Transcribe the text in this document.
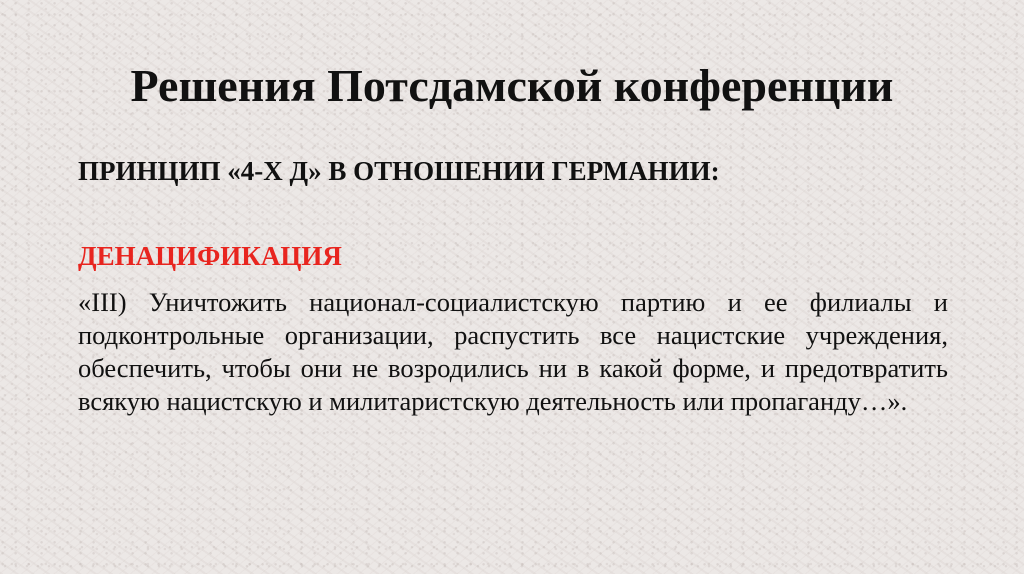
Решения Потсдамской конференции

ПРИНЦИП «4-Х Д» В ОТНОШЕНИИ ГЕРМАНИИ:

ДЕНАЦИФИКАЦИЯ

«III) Уничтожить национал-социалистскую партию и ее филиалы и подконтрольные организации, распустить все нацистские учреждения, обеспечить, чтобы они не возродились ни в какой форме, и предотвратить всякую нацистскую и милитаристскую деятельность или пропаганду…».
